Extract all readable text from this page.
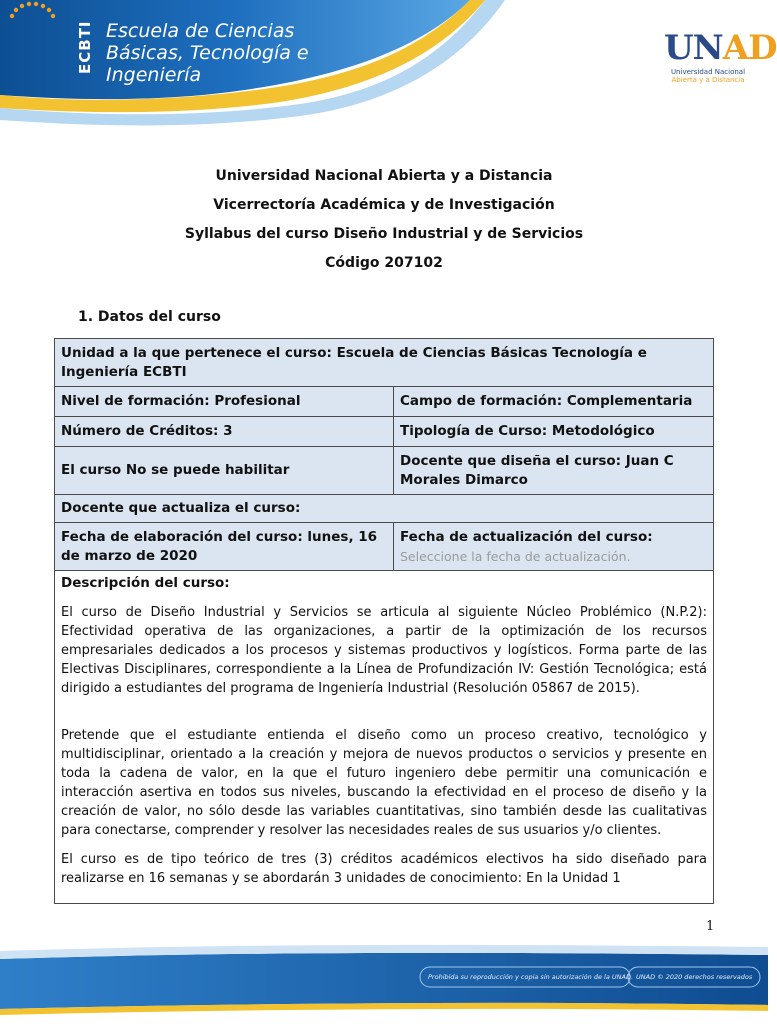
ECBTI Escuela de Ciencias
Básicas, Tecnología e
Ingeniería
UNAD
Universidad Nacional
Abierta y a Distancia
Universidad Nacional Abierta y a Distancia
Vicerrectoría Académica y de Investigación
Syllabus del curso Diseño Industrial y de Servicios
Código 207102
1. Datos del curso
Unidad a la que pertenece el curso: Escuela de Ciencias Básicas Tecnología e Ingeniería ECBTI	
Nivel de formación: Profesional	Campo de formación: Complementaria
Número de Créditos: 3	Tipología de Curso: Metodológico
El curso No se puede habilitar	Docente que diseña el curso: Juan C Morales Dimarco
Docente que actualiza el curso:	
Fecha de elaboración del curso: lunes, 16 de marzo de 2020	Fecha de actualización del curso:
Seleccione la fecha de actualización.

Descripción del curso:

El curso de Diseño Industrial y Servicios se articula al siguiente Núcleo Problémico (N.P.2): Efectividad operativa de las organizaciones, a partir de la optimización de los recursos empresariales dedicados a los procesos y sistemas productivos y logísticos. Forma parte de las Electivas Disciplinares, correspondiente a la Línea de Profundización IV: Gestión Tecnológica; está dirigido a estudiantes del programa de Ingeniería Industrial (Resolución 05867 de 2015).

Pretende que el estudiante entienda el diseño como un proceso creativo, tecnológico y multidisciplinar, orientado a la creación y mejora de nuevos productos o servicios y presente en toda la cadena de valor, en la que el futuro ingeniero debe permitir una comunicación e interacción asertiva en todos sus niveles, buscando la efectividad en el proceso de diseño y la creación de valor, no sólo desde las variables cuantitativas, sino también desde las cualitativas para conectarse, comprender y resolver las necesidades reales de sus usuarios y/o clientes.

El curso es de tipo teórico de tres (3) créditos académicos electivos ha sido diseñado para realizarse en 16 semanas y se abordarán 3 unidades de conocimiento: En la Unidad 1	

1
Prohibida su reproducción y copia sin autorización de la UNAD. UNAD © 2020 derechos reservados
